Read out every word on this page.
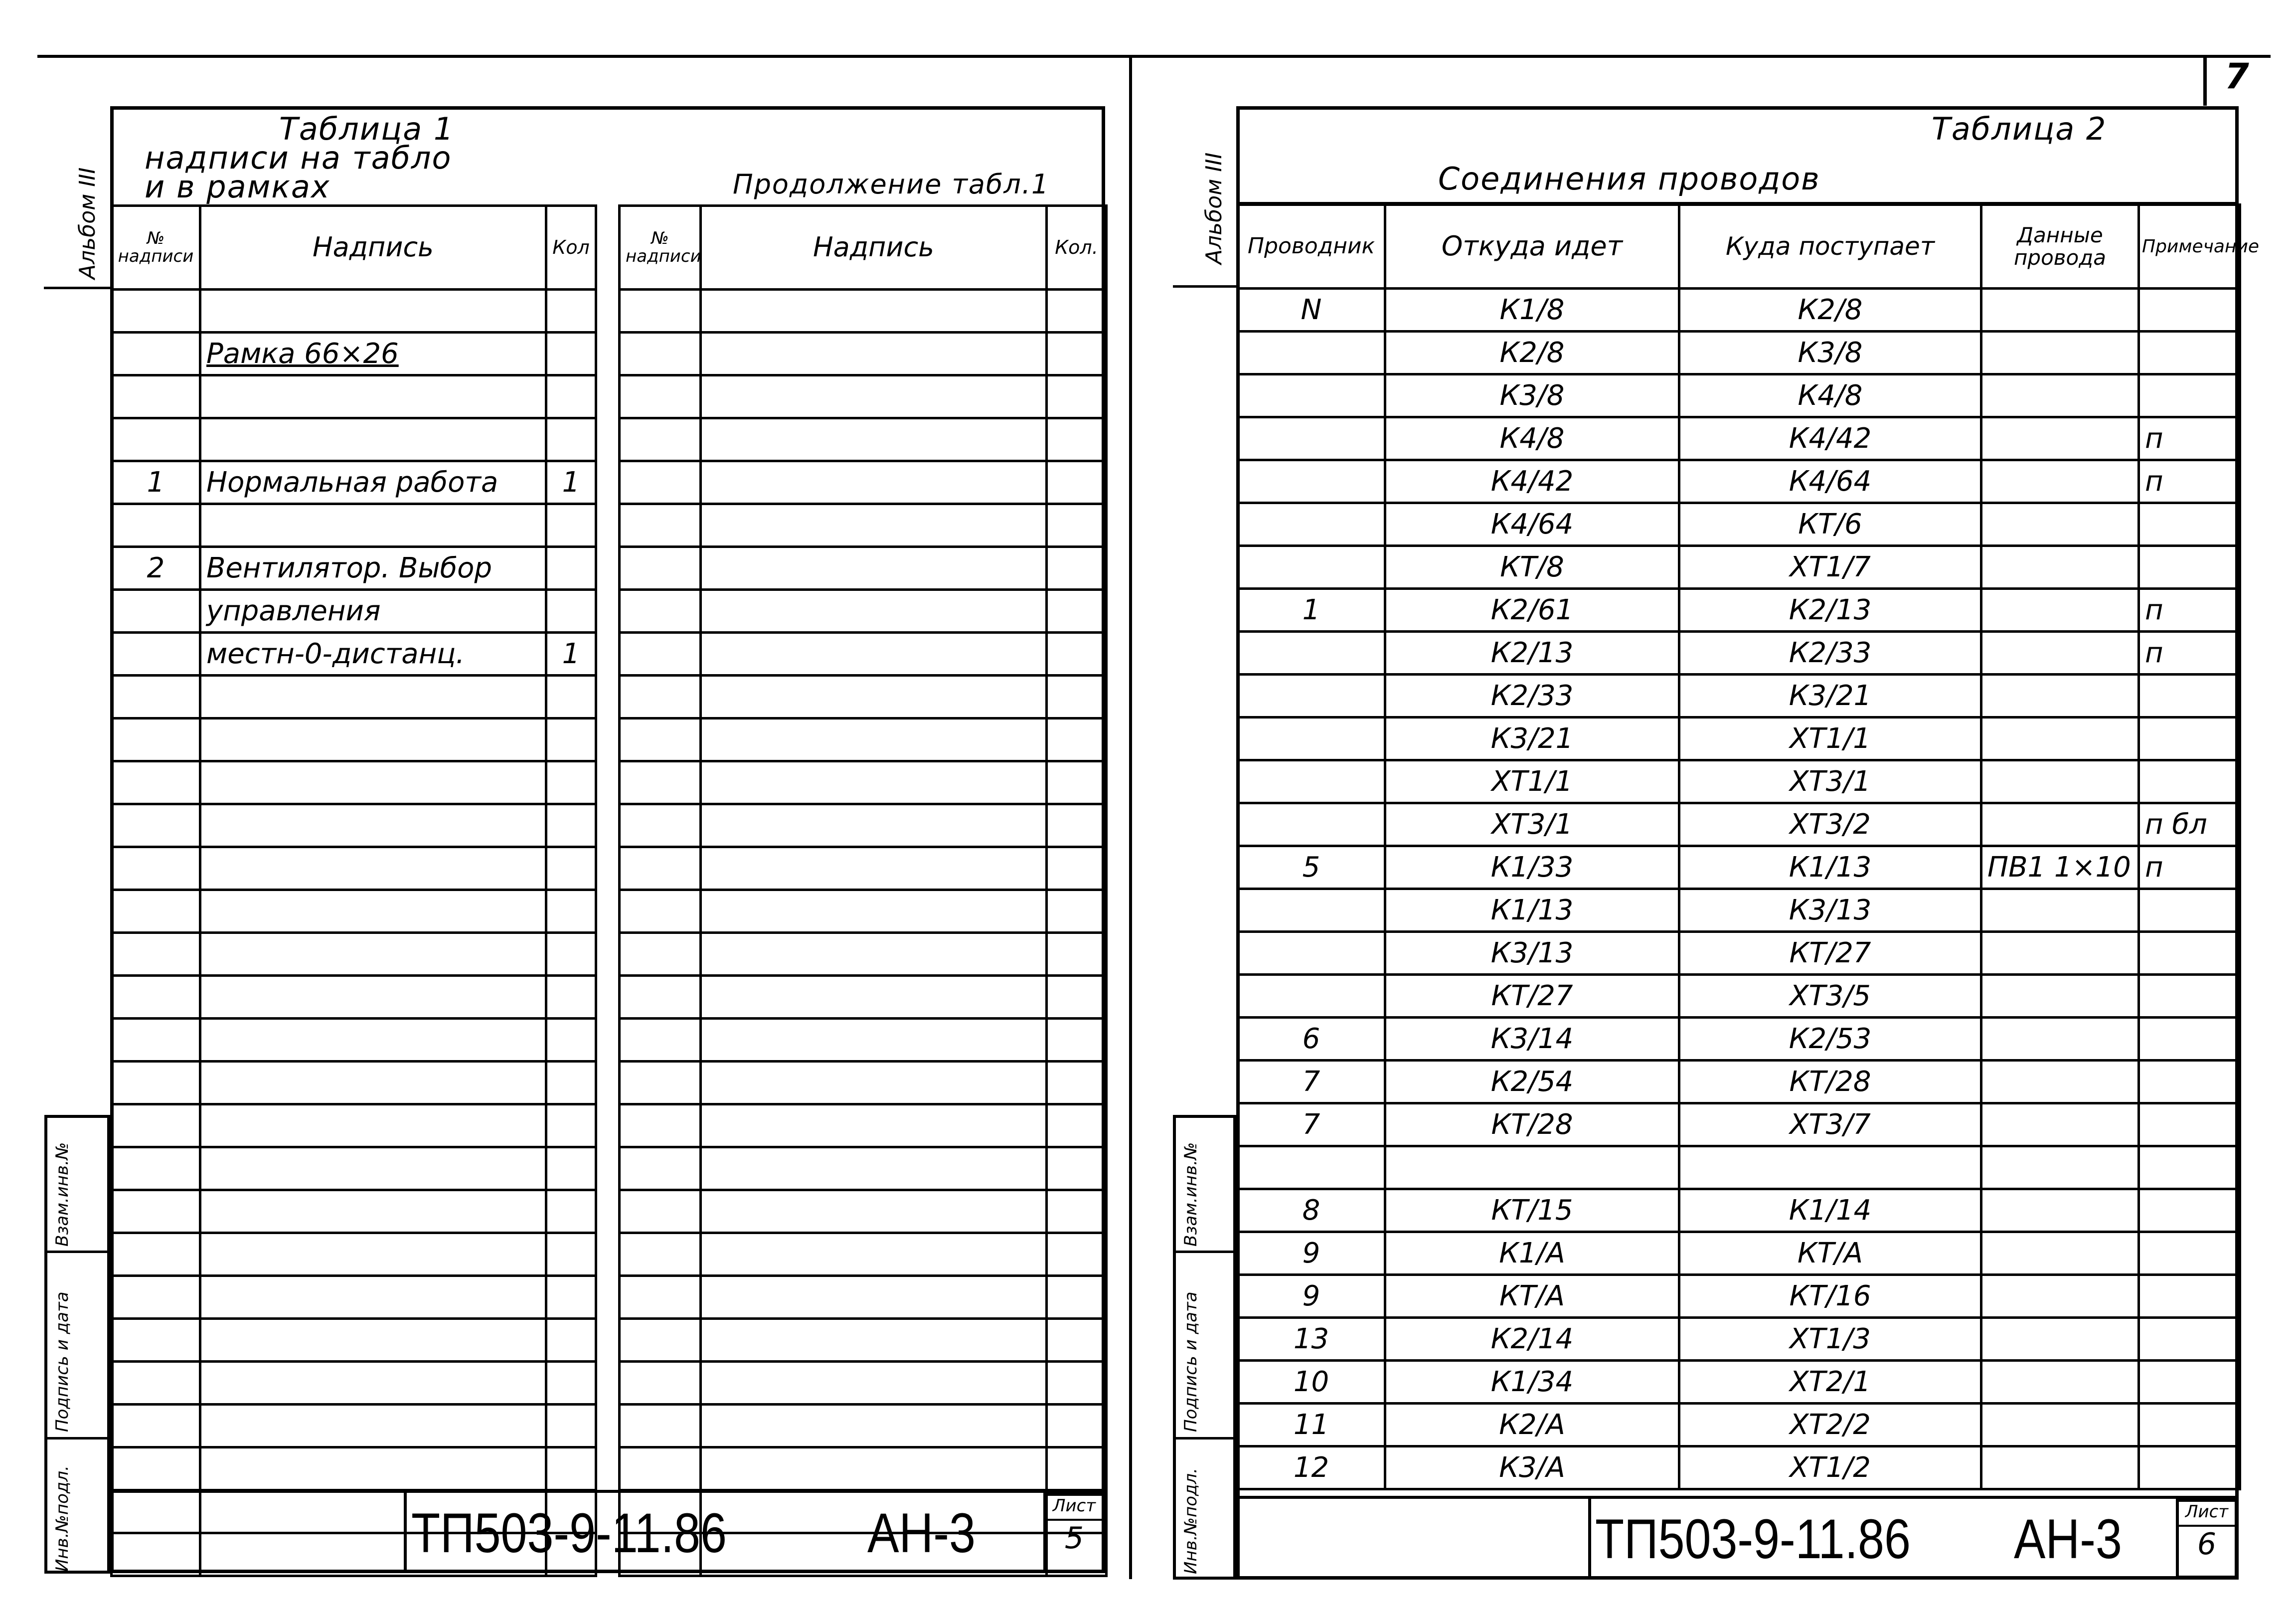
7
Альбом III
Таблица 1
надписи на табло
и в рамках	Продолжение табл.1
№ надписи	Надпись	Кол

	Рамка 66×26	

1	Нормальная работа	1

2	Вентилятор. Выбор	
	управления	
	местн-0-дистанц.	1

№ надписи	Надпись	Кол.

Взам.инв.№
Подпись и дата
Инв.№подл.	ТП503-9-11.86	АН-3	Лист
5
Альбом III
Таблица 2
Соединения проводов
Проводник	Откуда идет	Куда поступает	Данные провода	Примечание
N	К1/8	К2/8		
	К2/8	К3/8		
	К3/8	К4/8		
	К4/8	К4/42		п
	К4/42	К4/64		п
	К4/64	КТ/6		
	КТ/8	ХТ1/7		
1	К2/61	К2/13		п
	К2/13	К2/33		п
	К2/33	К3/21		
	К3/21	ХТ1/1		
	ХТ1/1	ХТ3/1		
	ХТ3/1	ХТ3/2		п бл
5	К1/33	К1/13	ПВ1 1×10	п
	К1/13	К3/13		
	К3/13	КТ/27		
	КТ/27	ХТ3/5		
6	К3/14	К2/53		
7	К2/54	КТ/28		
7	КТ/28	ХТ3/7		

8	КТ/15	К1/14		
9	К1/А	КТ/А		
9	КТ/А	КТ/16		
13	К2/14	ХТ1/3		
10	К1/34	ХТ2/1		
11	К2/А	ХТ2/2		
12	К3/А	ХТ1/2		
Взам.инв.№
Подпись и дата
Инв.№подл.	ТП503-9-11.86 АН-3	Лист
6
